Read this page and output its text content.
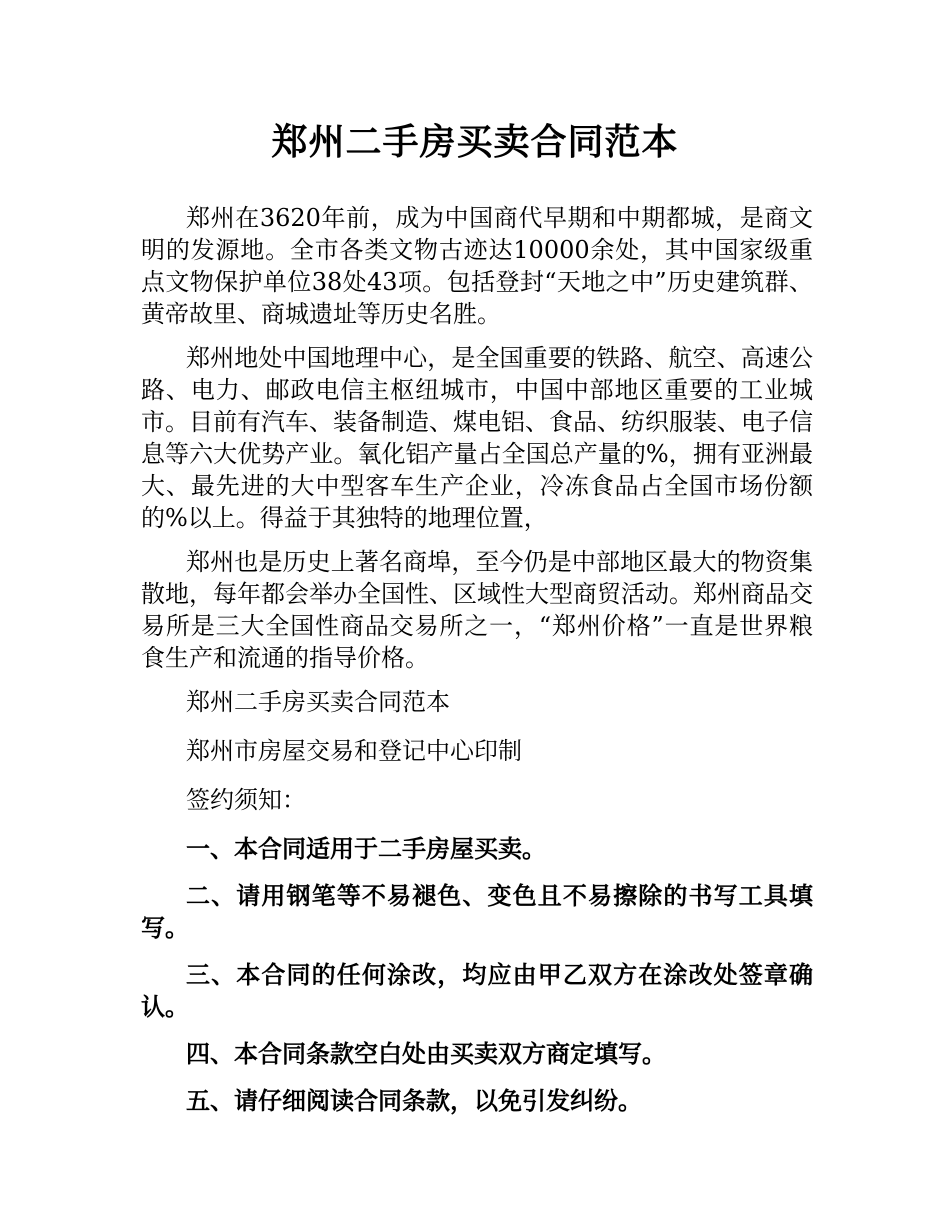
郑州二手房买卖合同范本

郑州在3620年前，成为中国商代早期和中期都城，是商文明的发源地。全市各类文物古迹达10000余处，其中国家级重点文物保护单位38处43项。包括登封“天地之中”历史建筑群、黄帝故里、商城遗址等历史名胜。

郑州地处中国地理中心，是全国重要的铁路、航空、高速公路、电力、邮政电信主枢纽城市，中国中部地区重要的工业城市。目前有汽车、装备制造、煤电铝、食品、纺织服装、电子信息等六大优势产业。氧化铝产量占全国总产量的%，拥有亚洲最大、最先进的大中型客车生产企业，冷冻食品占全国市场份额的%以上。得益于其独特的地理位置，

郑州也是历史上著名商埠，至今仍是中部地区最大的物资集散地，每年都会举办全国性、区域性大型商贸活动。郑州商品交易所是三大全国性商品交易所之一，“郑州价格”一直是世界粮食生产和流通的指导价格。

郑州二手房买卖合同范本

郑州市房屋交易和登记中心印制

签约须知：

一、本合同适用于二手房屋买卖。

二、请用钢笔等不易褪色、变色且不易擦除的书写工具填写。

三、本合同的任何涂改，均应由甲乙双方在涂改处签章确认。

四、本合同条款空白处由买卖双方商定填写。

五、请仔细阅读合同条款，以免引发纠纷。
